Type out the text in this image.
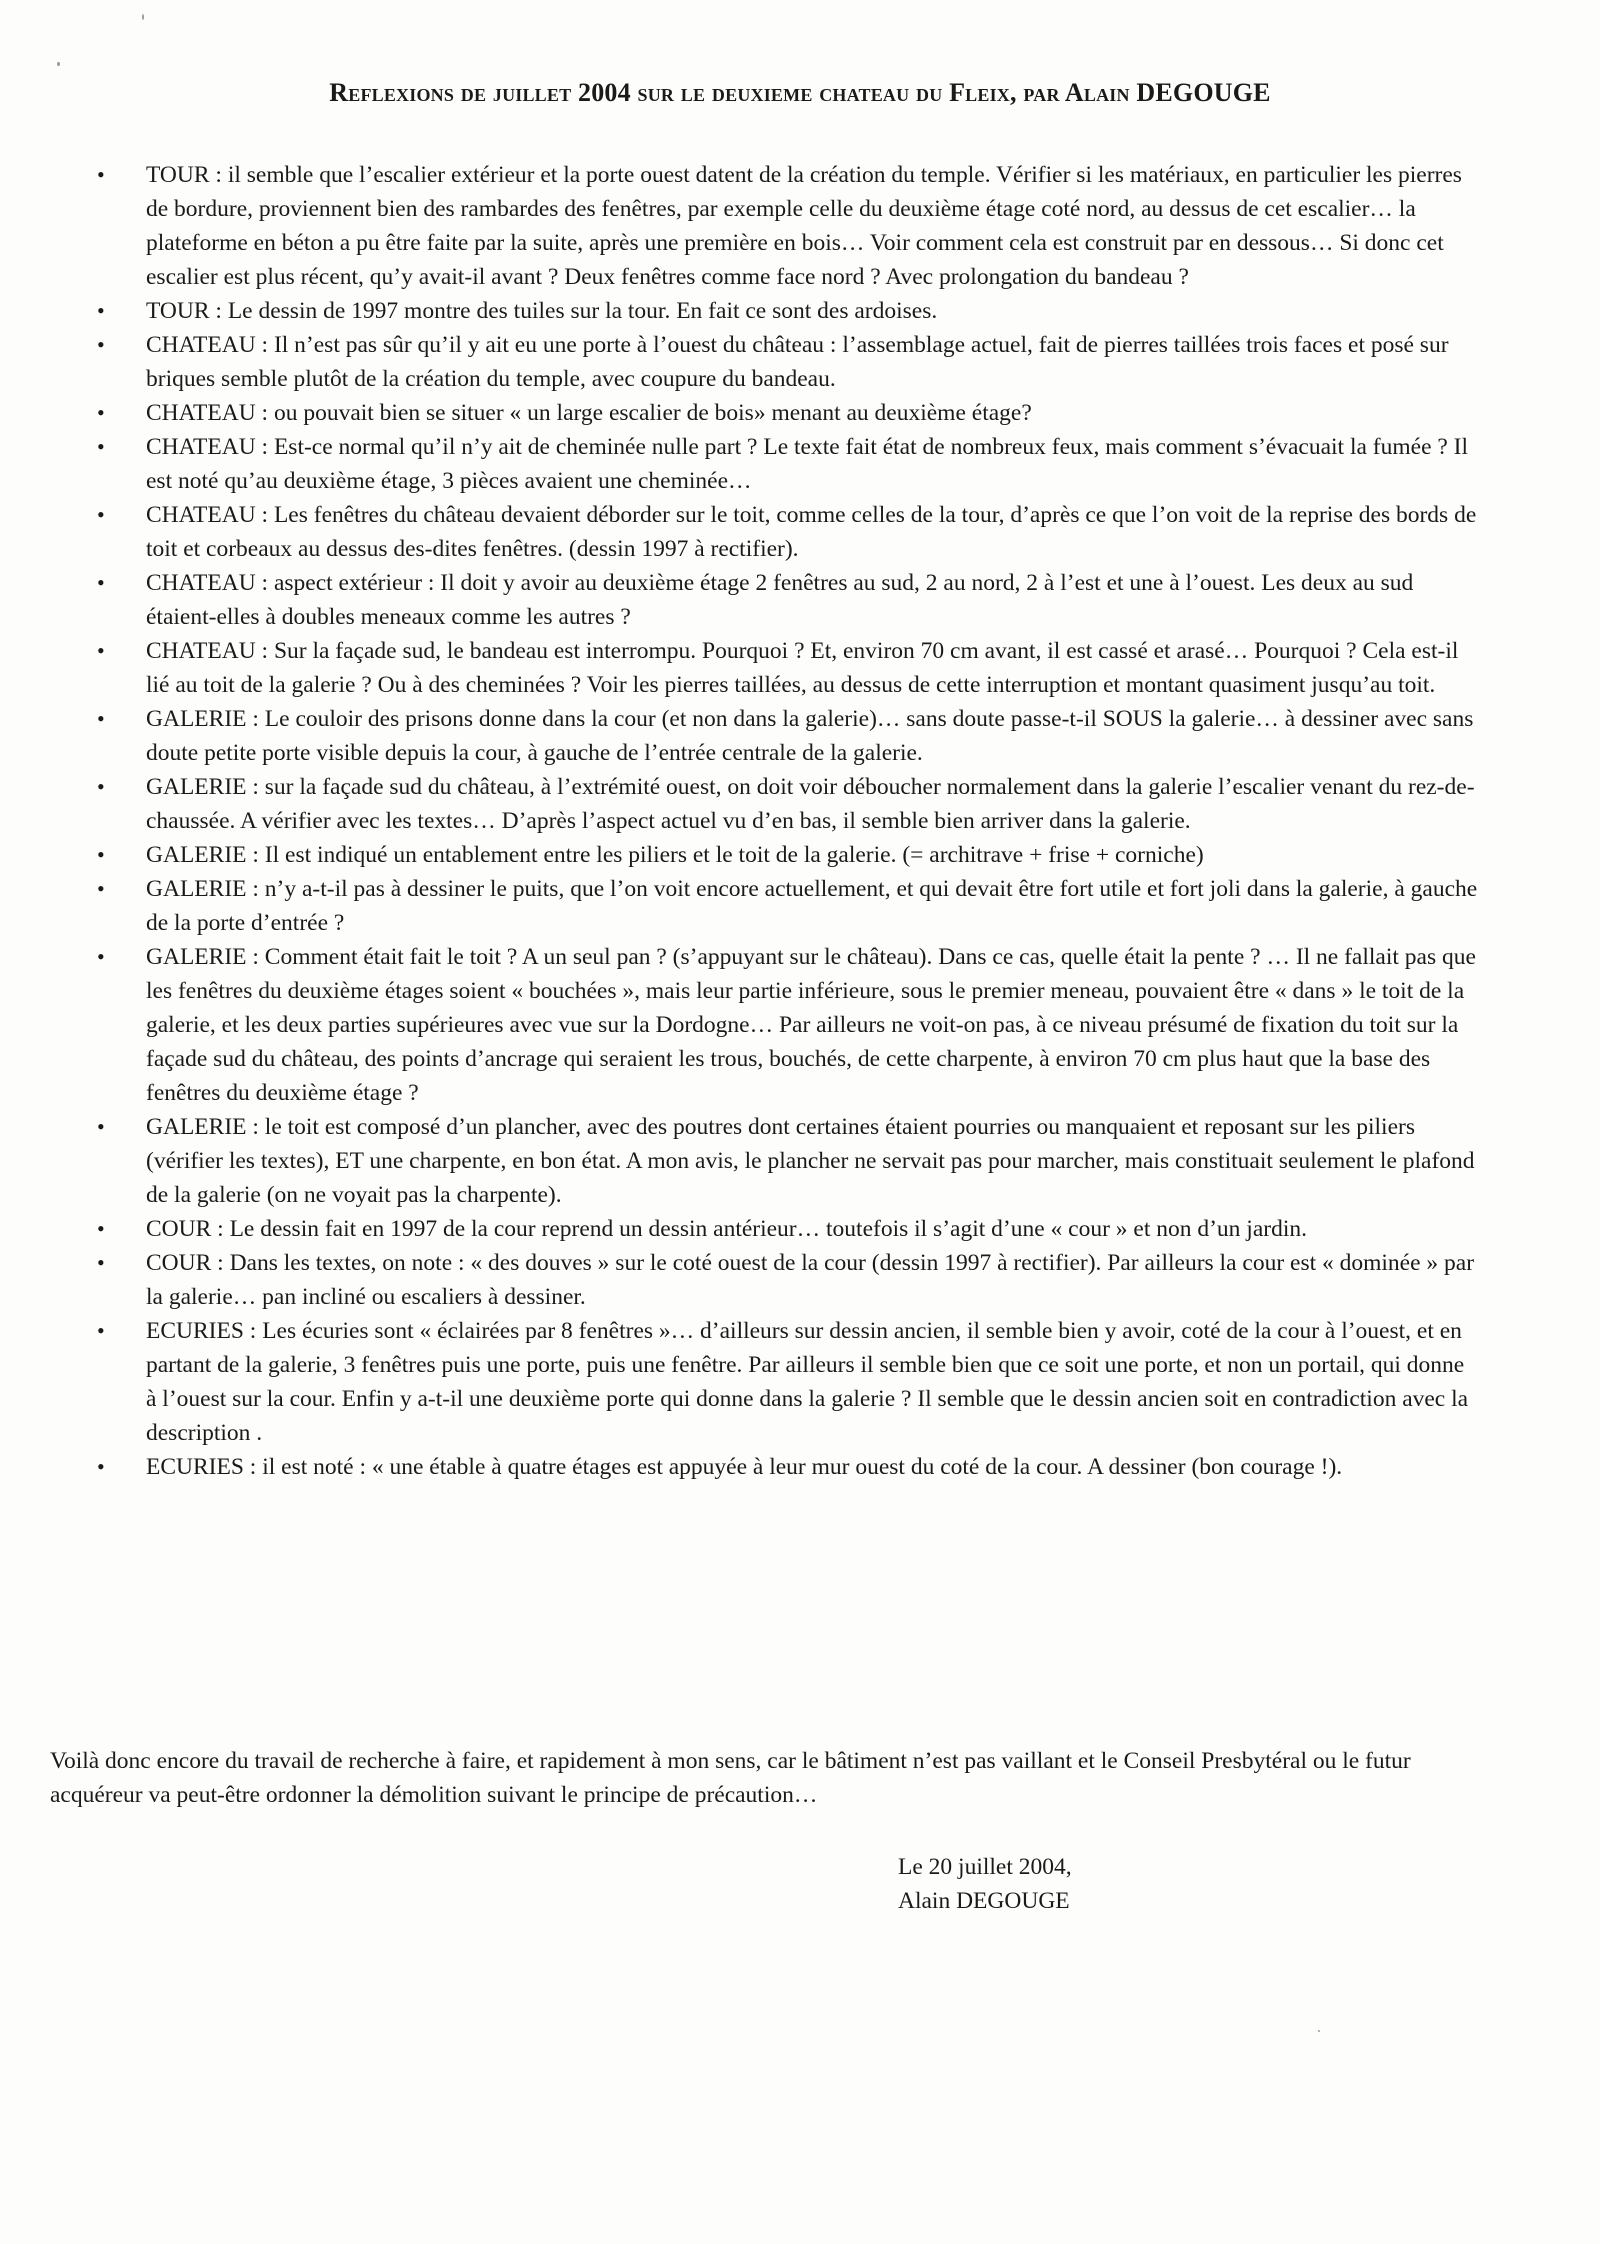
Reflexions de juillet 2004 sur le deuxieme chateau du Fleix, par Alain DEGOUGE
• TOUR : il semble que l’escalier extérieur et la porte ouest datent de la création du temple. Vérifier si les matériaux, en particulier les pierres de bordure, proviennent bien des rambardes des fenêtres, par exemple celle du deuxième étage coté nord, au dessus de cet escalier… la plateforme en béton a pu être faite par la suite, après une première en bois… Voir comment cela est construit par en dessous… Si donc cet escalier est plus récent, qu’y avait-il avant ? Deux fenêtres comme face nord ? Avec prolongation du bandeau ?
• TOUR : Le dessin de 1997 montre des tuiles sur la tour. En fait ce sont des ardoises.
• CHATEAU : Il n’est pas sûr qu’il y ait eu une porte à l’ouest du château : l’assemblage actuel, fait de pierres taillées trois faces et posé sur briques semble plutôt de la création du temple, avec coupure du bandeau.
• CHATEAU : ou pouvait bien se situer « un large escalier de bois» menant au deuxième étage?
• CHATEAU : Est-ce normal qu’il n’y ait de cheminée nulle part ? Le texte fait état de nombreux feux, mais comment s’évacuait la fumée ? Il est noté qu’au deuxième étage, 3 pièces avaient une cheminée…
• CHATEAU : Les fenêtres du château devaient déborder sur le toit, comme celles de la tour, d’après ce que l’on voit de la reprise des bords de toit et corbeaux au dessus des-dites fenêtres. (dessin 1997 à rectifier).
• CHATEAU : aspect extérieur : Il doit y avoir au deuxième étage 2 fenêtres au sud, 2 au nord, 2 à l’est et une à l’ouest. Les deux au sud étaient-elles à doubles meneaux comme les autres ?
• CHATEAU : Sur la façade sud, le bandeau est interrompu. Pourquoi ? Et, environ 70 cm avant, il est cassé et arasé… Pourquoi ? Cela est-il lié au toit de la galerie ? Ou à des cheminées ? Voir les pierres taillées, au dessus de cette interruption et montant quasiment jusqu’au toit.
• GALERIE : Le couloir des prisons donne dans la cour (et non dans la galerie)… sans doute passe-t-il SOUS la galerie… à dessiner avec sans doute petite porte visible depuis la cour, à gauche de l’entrée centrale de la galerie.
• GALERIE : sur la façade sud du château, à l’extrémité ouest, on doit voir déboucher normalement dans la galerie l’escalier venant du rez-de-chaussée. A vérifier avec les textes… D’après l’aspect actuel vu d’en bas, il semble bien arriver dans la galerie.
• GALERIE : Il est indiqué un entablement entre les piliers et le toit de la galerie. (= architrave + frise + corniche)
• GALERIE : n’y a-t-il pas à dessiner le puits, que l’on voit encore actuellement, et qui devait être fort utile et fort joli dans la galerie, à gauche de la porte d’entrée ?
• GALERIE : Comment était fait le toit ? A un seul pan ? (s’appuyant sur le château). Dans ce cas, quelle était la pente ? … Il ne fallait pas que les fenêtres du deuxième étages soient « bouchées », mais leur partie inférieure, sous le premier meneau, pouvaient être « dans » le toit de la galerie, et les deux parties supérieures avec vue sur la Dordogne… Par ailleurs ne voit-on pas, à ce niveau présumé de fixation du toit sur la façade sud du château, des points d’ancrage qui seraient les trous, bouchés, de cette charpente, à environ 70 cm plus haut que la base des fenêtres du deuxième étage ?
• GALERIE : le toit est composé d’un plancher, avec des poutres dont certaines étaient pourries ou manquaient et reposant sur les piliers (vérifier les textes), ET une charpente, en bon état. A mon avis, le plancher ne servait pas pour marcher, mais constituait seulement le plafond de la galerie (on ne voyait pas la charpente).
• COUR : Le dessin fait en 1997 de la cour reprend un dessin antérieur… toutefois il s’agit d’une « cour » et non d’un jardin.
• COUR : Dans les textes, on note : « des douves » sur le coté ouest de la cour (dessin 1997 à rectifier). Par ailleurs la cour est « dominée » par la galerie… pan incliné ou escaliers à dessiner.
• ECURIES : Les écuries sont « éclairées par 8 fenêtres »… d’ailleurs sur dessin ancien, il semble bien y avoir, coté de la cour à l’ouest, et en partant de la galerie, 3 fenêtres puis une porte, puis une fenêtre. Par ailleurs il semble bien que ce soit une porte, et non un portail, qui donne à l’ouest sur la cour. Enfin y a-t-il une deuxième porte qui donne dans la galerie ? Il semble que le dessin ancien soit en contradiction avec la description .
• ECURIES : il est noté : « une étable à quatre étages est appuyée à leur mur ouest du coté de la cour. A dessiner (bon courage !).

Voilà donc encore du travail de recherche à faire, et rapidement à mon sens, car le bâtiment n’est pas vaillant et le Conseil Presbytéral ou le futur acquéreur va peut-être ordonner la démolition suivant le principe de précaution…

Le 20 juillet 2004,
Alain DEGOUGE
